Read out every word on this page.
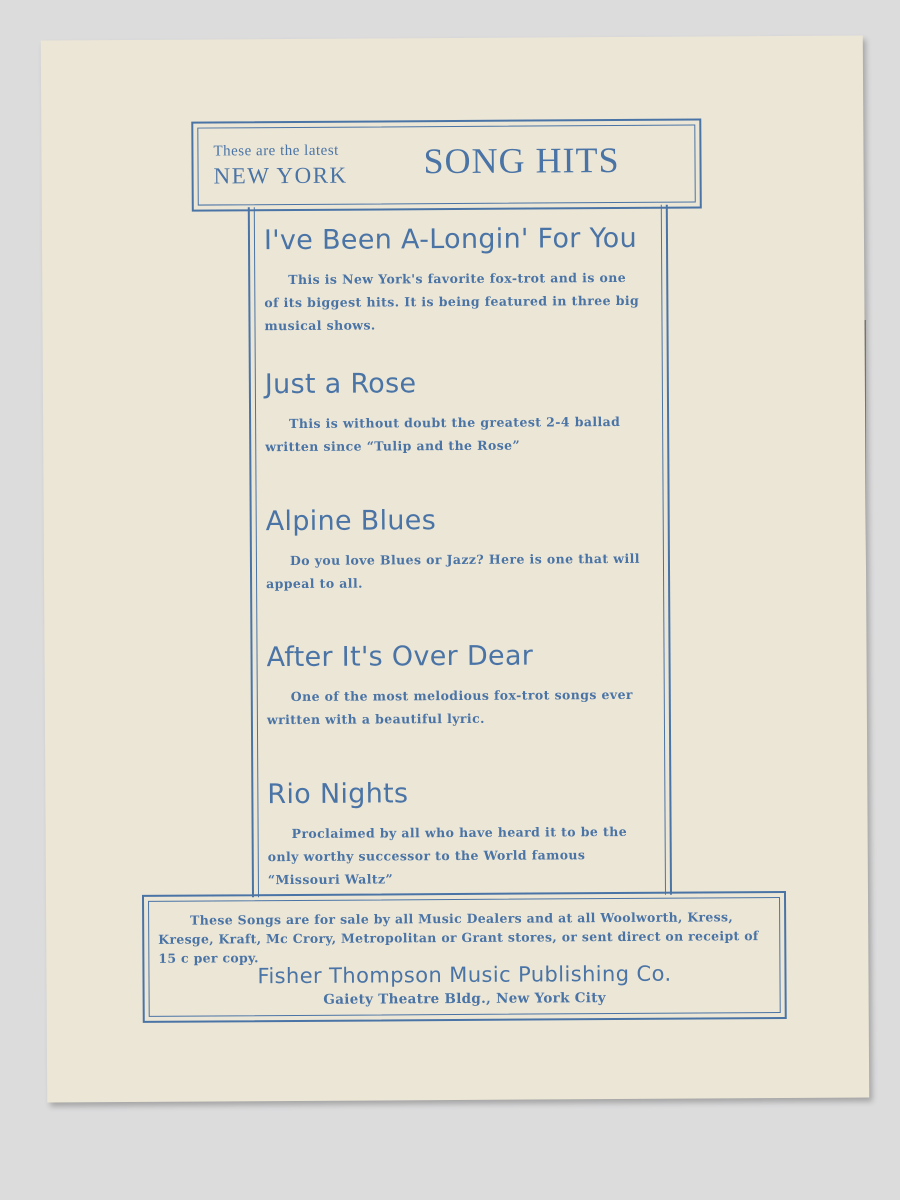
These are the latest
NEW YORK SONG HITS
I've Been A-Longin' For You

This is New York's favorite fox-trot and is one of its biggest hits. It is being featured in three big musical shows.

Just a Rose

This is without doubt the greatest 2-4 ballad written since “Tulip and the Rose”

Alpine Blues

Do you love Blues or Jazz? Here is one that will appeal to all.

After It's Over Dear

One of the most melodious fox-trot songs ever written with a beautiful lyric.

Rio Nights

Proclaimed by all who have heard it to be the only worthy successor to the World famous “Missouri Waltz”

These Songs are for sale by all Music Dealers and at all Woolworth, Kress, Kresge, Kraft, Mc Crory, Metropolitan or Grant stores, or sent direct on receipt of 15 c per copy.
Fisher Thompson Music Publishing Co.
Gaiety Theatre Bldg., New York City
